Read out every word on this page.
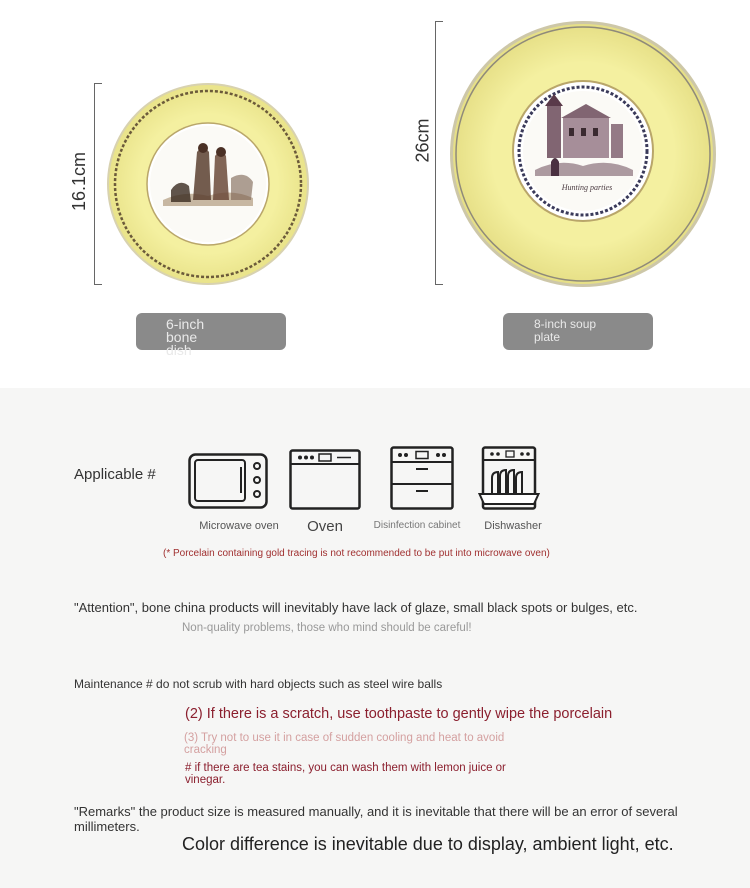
16.1cm
6-inch bone dish
26cm
Hunting parties
8-inch soup plate
Applicable #
Microwave oven	Oven	Disinfection cabinet	Dishwasher
(* Porcelain containing gold tracing is not recommended to be put into microwave oven)
"Attention", bone china products will inevitably have lack of glaze, small black spots or bulges, etc.
Non-quality problems, those who mind should be careful!
Maintenance # do not scrub with hard objects such as steel wire balls
(2) If there is a scratch, use toothpaste to gently wipe the porcelain
(3) Try not to use it in case of sudden cooling and heat to avoid cracking
# if there are tea stains, you can wash them with lemon juice or vinegar.
"Remarks" the product size is measured manually, and it is inevitable that there will be an error of several millimeters.
Color difference is inevitable due to display, ambient light, etc.
